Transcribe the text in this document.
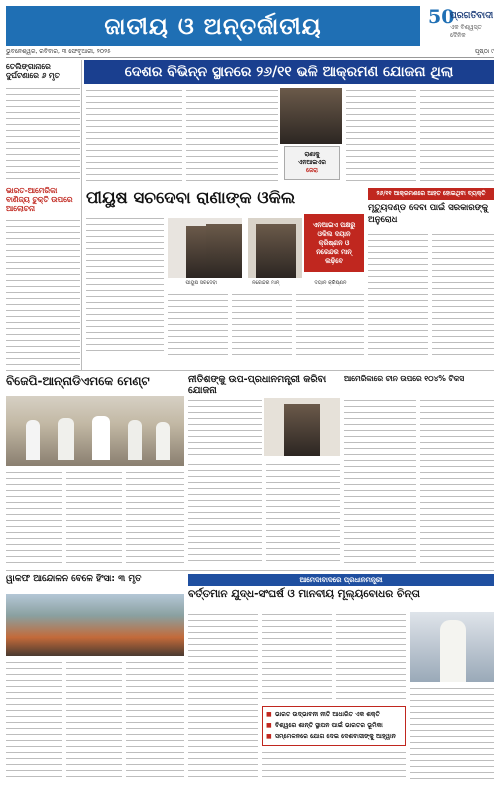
ଜାତୀୟ ଓ ଅନ୍ତର୍ଜାତୀୟ	50
ପ୍ରଗତିବାଦୀ
ଏକ ବିଶ୍ୱସ୍ତ ଦୈନିକ
ଭୁବନେଶ୍ୱର, ରବିବାର, ୩ ଫେବୃଆରୀ, ୨୦୨୫	ପୃଷ୍ଠା ୯
ତେଲିଙ୍ଗାନାରେ ଦୁର୍ଘଟଣାରେ ୬ ମୃତ
ଭାରତ-ଆମେରିକା ବାଣିଜ୍ୟ ଚୁକ୍ତି ଉପରେ ଆଲୋଚନା
ଦେଶର ବିଭିନ୍ନ ସ୍ଥାନରେ ୨୬/୧୧ ଭଳି ଆକ୍ରମଣ ଯୋଜନା ଥିଲା
ରାଣାକୁ
ଏନଆଇଏର
ଜେରା
ପୀୟୁଷ ସଚଦେବା ରାଣାଙ୍କ ଓକିଲ
ଏନଆଇଏ ପକ୍ଷରୁ ଓକିଲ ଦୟାନ କ୍ରିଷ୍ଣନ ଓ ନରେନ୍ଦର ମାନ୍ ଲଢ଼ିବେ
ପୀୟୁଷ ସଚଦେବା	ନରେନ୍ଦର ମାନ୍	ଦୟାନ କ୍ରିଷ୍ଣନ
୨୬/୧୧ ଆକ୍ରମଣରେ ଆହତ ହୋଇଥିବା ବ୍ୟକ୍ତି
ମୃତ୍ୟୁଦଣ୍ଡ ଦେବା ପାଇଁ ସରକାରଙ୍କୁ ଅନୁରୋଧ
ବିଜେପି-ଆନ୍ନାଡିଏମକେ ମେଣ୍ଟ	ନୀତିଶଙ୍କୁ ଉପ-ପ୍ରଧାନମନ୍ତ୍ରୀ କରିବା ଯୋଜନା
ଆମେରିକାରେ ଚୀନ ଉପରେ ୧୦୪% ଟିକସ
ୱାକଫ ଆନ୍ଦୋଳନ ବେଳେ ହିଂସା: ୩ ମୃତ	ଆମେଦାବାଦରେ ପ୍ରଧାନମନ୍ତ୍ରୀ
ବର୍ତ୍ତମାନ ଯୁଦ୍ଧ-ସଂଘର୍ଷ ଓ ମାନବୀୟ ମୂଲ୍ୟବୋଧର ଚିନ୍ତା
■ ଭାରତ ଉଦ୍ଭାବନୀ ନୀତି ଆଧାରିତ ଏକ ଶକ୍ତି
■ ବିଶ୍ୱରେ ଶାନ୍ତି ସ୍ଥାପନ ପାଇଁ ଭାରତର ଭୂମିକା
■ ସମ୍ମେଳନରେ ଯୋଗ ଦେଇ ଦେଶବାସୀଙ୍କୁ ଆହ୍ୱାନ
